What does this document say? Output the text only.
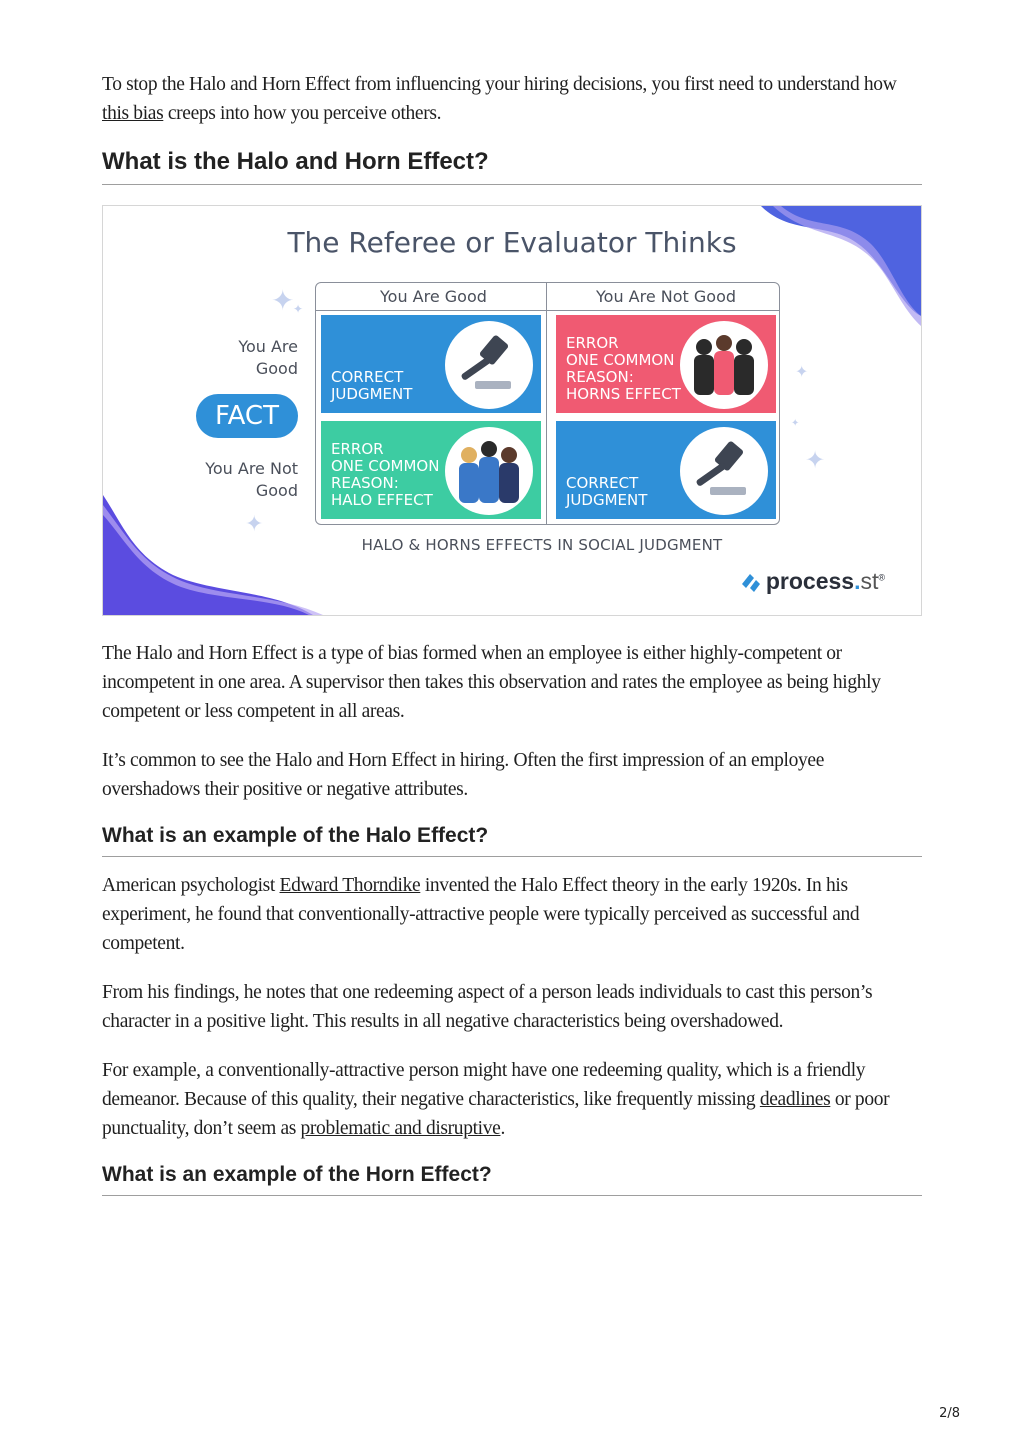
To stop the Halo and Horn Effect from influencing your hiring decisions, you first need to understand how this bias creeps into how you perceive others.

What is the Halo and Horn Effect?
✦
✦
✦
✦
✦
✦
The Referee or Evaluator Thinks
You Are
Good
FACT
You Are Not
Good
You Are Good	You Are Not Good
CORRECT
JUDGMENT
ERROR
ONE COMMON
REASON:
HORNS EFFECT
ERROR
ONE COMMON
REASON:
HALO EFFECT
CORRECT
JUDGMENT
HALO & HORNS EFFECTS IN SOCIAL JUDGMENT
process.st®

The Halo and Horn Effect is a type of bias formed when an employee is either highly-competent or incompetent in one area. A supervisor then takes this observation and rates the employee as being highly competent or less competent in all areas.

It’s common to see the Halo and Horn Effect in hiring. Often the first impression of an employee overshadows their positive or negative attributes.

What is an example of the Halo Effect?

American psychologist Edward Thorndike invented the Halo Effect theory in the early 1920s. In his experiment, he found that conventionally-attractive people were typically perceived as successful and competent.

From his findings, he notes that one redeeming aspect of a person leads individuals to cast this person’s character in a positive light. This results in all negative characteristics being overshadowed.

For example, a conventionally-attractive person might have one redeeming quality, which is a friendly demeanor. Because of this quality, their negative characteristics, like frequently missing deadlines or poor punctuality, don’t seem as problematic and disruptive.

What is an example of the Horn Effect?
2/8
